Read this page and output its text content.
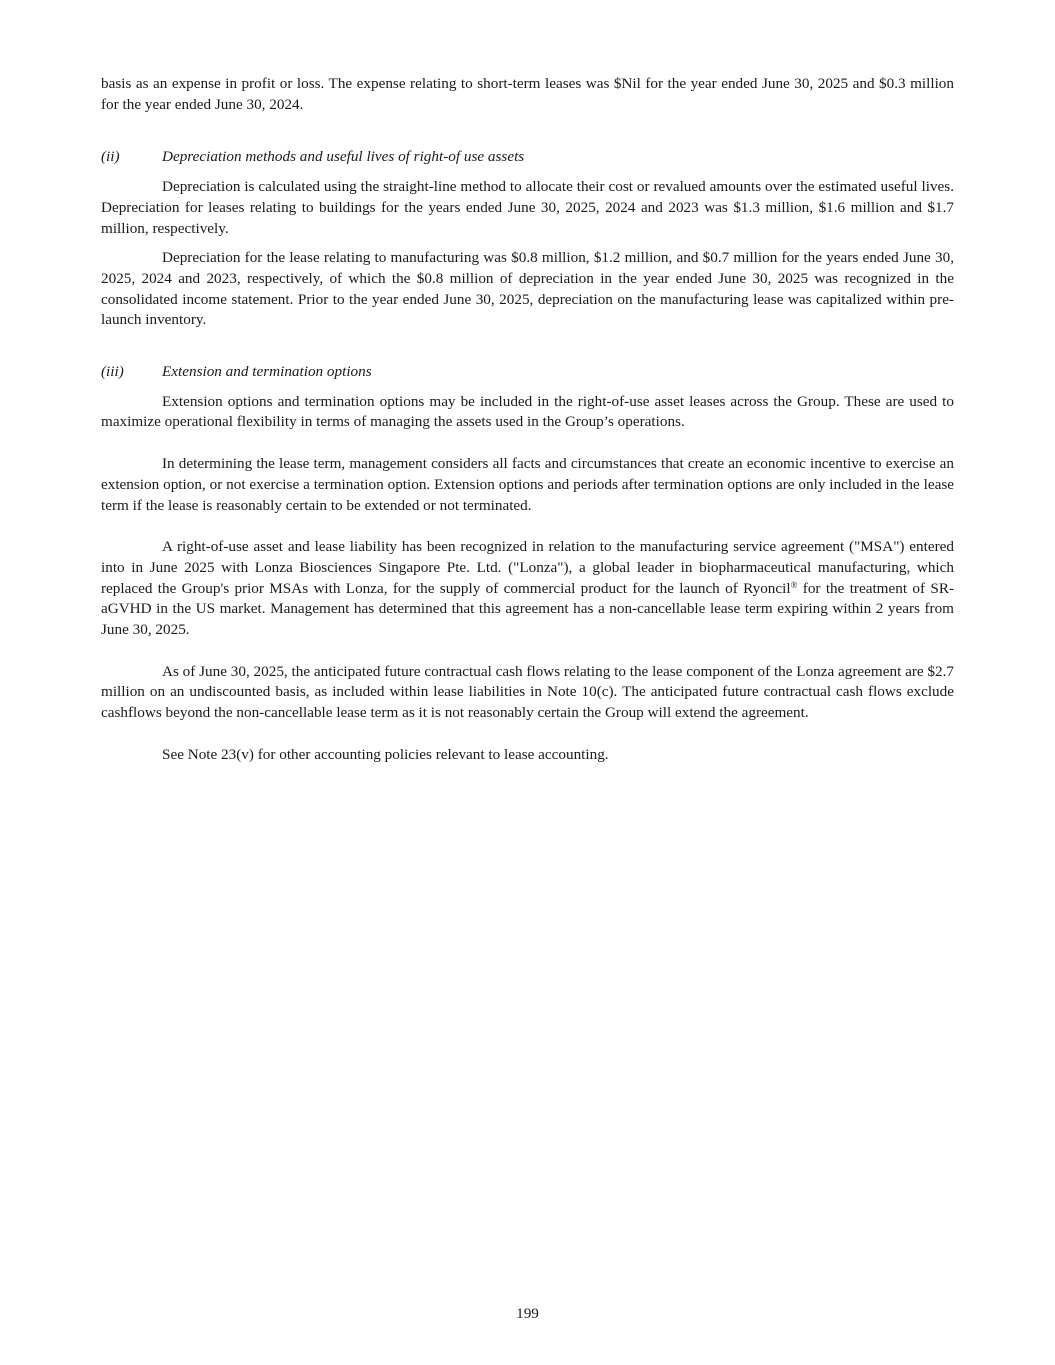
basis as an expense in profit or loss. The expense relating to short-term leases was $Nil for the year ended June 30, 2025 and $0.3 million for the year ended June 30, 2024.

(ii)	Depreciation methods and useful lives of right-of use assets

Depreciation is calculated using the straight-line method to allocate their cost or revalued amounts over the estimated useful lives. Depreciation for leases relating to buildings for the years ended June 30, 2025, 2024 and 2023 was $1.3 million, $1.6 million and $1.7 million, respectively.

Depreciation for the lease relating to manufacturing was $0.8 million, $1.2 million, and $0.7 million for the years ended June 30, 2025, 2024 and 2023, respectively, of which the $0.8 million of depreciation in the year ended June 30, 2025 was recognized in the consolidated income statement. Prior to the year ended June 30, 2025, depreciation on the manufacturing lease was capitalized within pre-launch inventory.

(iii)	Extension and termination options

Extension options and termination options may be included in the right-of-use asset leases across the Group. These are used to maximize operational flexibility in terms of managing the assets used in the Group’s operations.

In determining the lease term, management considers all facts and circumstances that create an economic incentive to exercise an extension option, or not exercise a termination option. Extension options and periods after termination options are only included in the lease term if the lease is reasonably certain to be extended or not terminated.

A right-of-use asset and lease liability has been recognized in relation to the manufacturing service agreement ("MSA") entered into in June 2025 with Lonza Biosciences Singapore Pte. Ltd. ("Lonza"), a global leader in biopharmaceutical manufacturing, which replaced the Group's prior MSAs with Lonza, for the supply of commercial product for the launch of Ryoncil® for the treatment of SR-aGVHD in the US market. Management has determined that this agreement has a non-cancellable lease term expiring within 2 years from June 30, 2025.

As of June 30, 2025, the anticipated future contractual cash flows relating to the lease component of the Lonza agreement are $2.7 million on an undiscounted basis, as included within lease liabilities in Note 10(c). The anticipated future contractual cash flows exclude cashflows beyond the non-cancellable lease term as it is not reasonably certain the Group will extend the agreement.

See Note 23(v) for other accounting policies relevant to lease accounting.

199
